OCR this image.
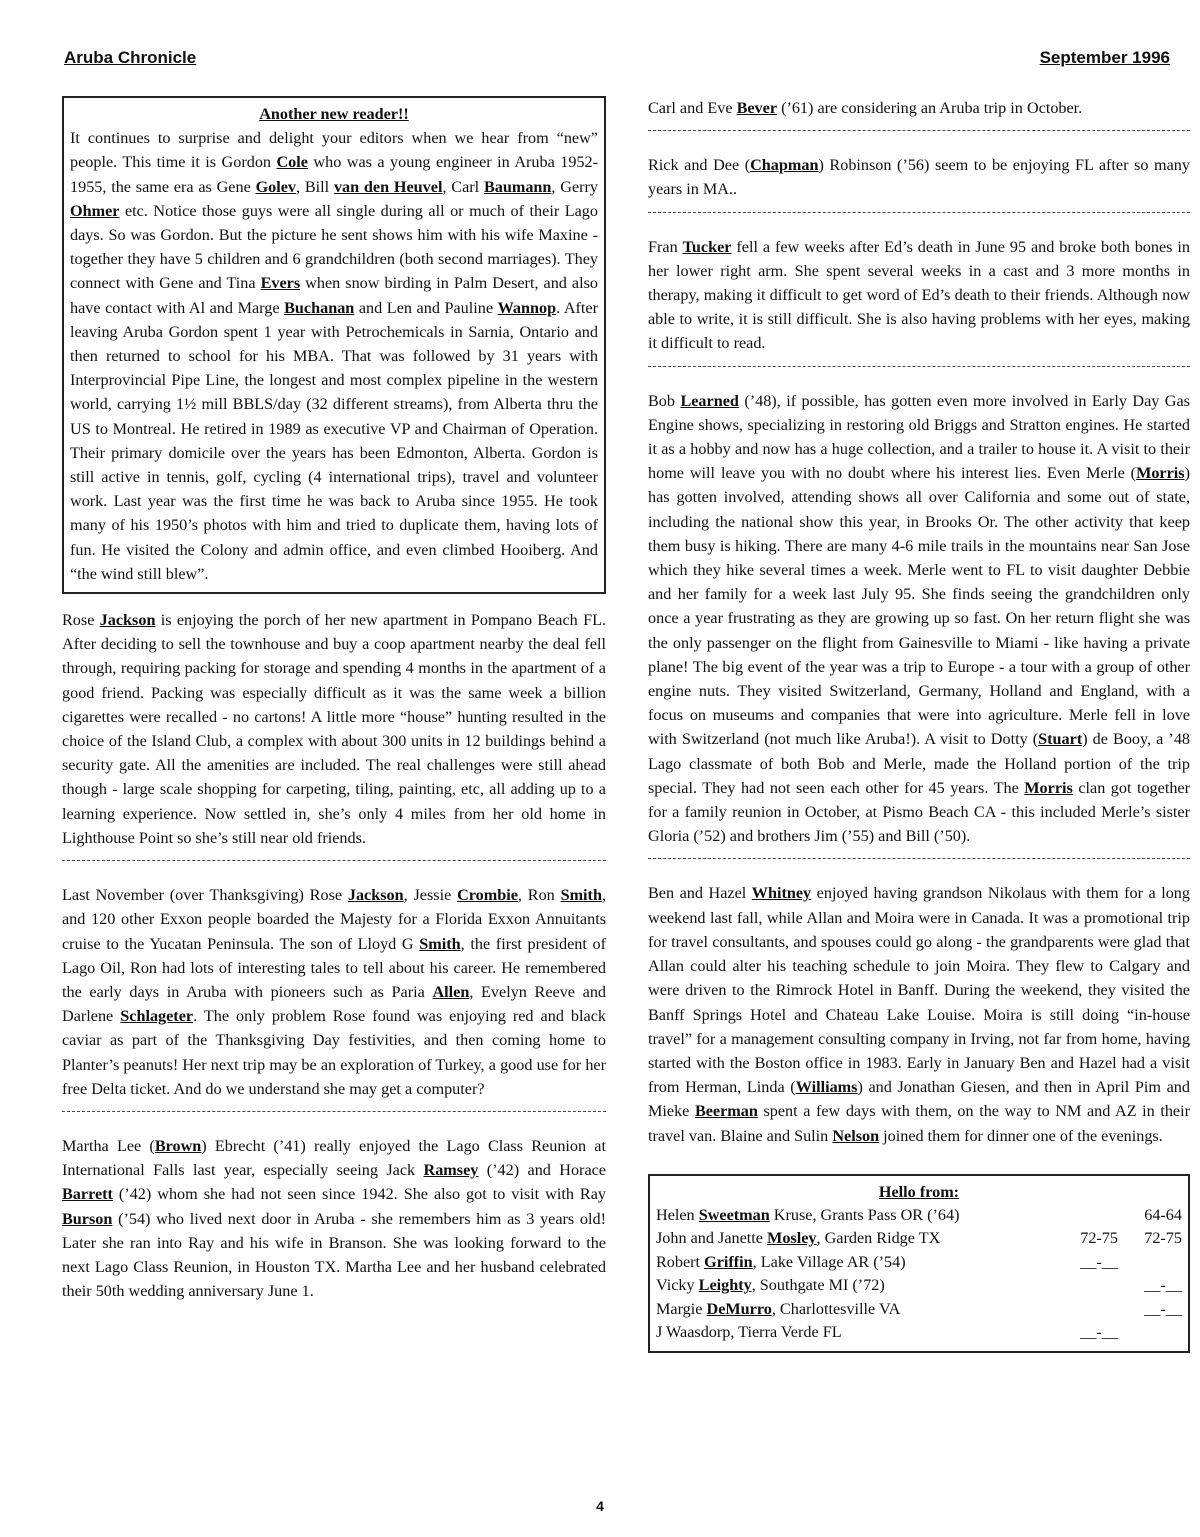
Aruba Chronicle	September 1996
Another new reader!!

It continues to surprise and delight your editors when we hear from “new” people. This time it is Gordon Cole who was a young engineer in Aruba 1952-1955, the same era as Gene Golev, Bill van den Heuvel, Carl Baumann, Gerry Ohmer etc. Notice those guys were all single during all or much of their Lago days. So was Gordon. But the picture he sent shows him with his wife Maxine - together they have 5 children and 6 grandchildren (both second marriages). They connect with Gene and Tina Evers when snow birding in Palm Desert, and also have contact with Al and Marge Buchanan and Len and Pauline Wannop. After leaving Aruba Gordon spent 1 year with Petrochemicals in Sarnia, Ontario and then returned to school for his MBA. That was followed by 31 years with Interprovincial Pipe Line, the longest and most complex pipeline in the western world, carrying 1½ mill BBLS/day (32 different streams), from Alberta thru the US to Montreal. He retired in 1989 as executive VP and Chairman of Operation. Their primary domicile over the years has been Edmonton, Alberta. Gordon is still active in tennis, golf, cycling (4 international trips), travel and volunteer work. Last year was the first time he was back to Aruba since 1955. He took many of his 1950’s photos with him and tried to duplicate them, having lots of fun. He visited the Colony and admin office, and even climbed Hooiberg. And “the wind still blew”.

Rose Jackson is enjoying the porch of her new apartment in Pompano Beach FL. After deciding to sell the townhouse and buy a coop apartment nearby the deal fell through, requiring packing for storage and spending 4 months in the apartment of a good friend. Packing was especially difficult as it was the same week a billion cigarettes were recalled - no cartons! A little more “house” hunting resulted in the choice of the Island Club, a complex with about 300 units in 12 buildings behind a security gate. All the amenities are included. The real challenges were still ahead though - large scale shopping for carpeting, tiling, painting, etc, all adding up to a learning experience. Now settled in, she’s only 4 miles from her old home in Lighthouse Point so she’s still near old friends.

Last November (over Thanksgiving) Rose Jackson, Jessie Crombie, Ron Smith, and 120 other Exxon people boarded the Majesty for a Florida Exxon Annuitants cruise to the Yucatan Peninsula. The son of Lloyd G Smith, the first president of Lago Oil, Ron had lots of interesting tales to tell about his career. He remembered the early days in Aruba with pioneers such as Paria Allen, Evelyn Reeve and Darlene Schlageter. The only problem Rose found was enjoying red and black caviar as part of the Thanksgiving Day festivities, and then coming home to Planter’s peanuts! Her next trip may be an exploration of Turkey, a good use for her free Delta ticket. And do we understand she may get a computer?

Martha Lee (Brown) Ebrecht (’41) really enjoyed the Lago Class Reunion at International Falls last year, especially seeing Jack Ramsey (’42) and Horace Barrett (’42) whom she had not seen since 1942. She also got to visit with Ray Burson (’54) who lived next door in Aruba - she remembers him as 3 years old! Later she ran into Ray and his wife in Branson. She was looking forward to the next Lago Class Reunion, in Houston TX. Martha Lee and her husband celebrated their 50th wedding anniversary June 1.

Carl and Eve Bever (’61) are considering an Aruba trip in October.

Rick and Dee (Chapman) Robinson (’56) seem to be enjoying FL after so many years in MA..

Fran Tucker fell a few weeks after Ed’s death in June 95 and broke both bones in her lower right arm. She spent several weeks in a cast and 3 more months in therapy, making it difficult to get word of Ed’s death to their friends. Although now able to write, it is still difficult. She is also having problems with her eyes, making it difficult to read.

Bob Learned (’48), if possible, has gotten even more involved in Early Day Gas Engine shows, specializing in restoring old Briggs and Stratton engines. He started it as a hobby and now has a huge collection, and a trailer to house it. A visit to their home will leave you with no doubt where his interest lies. Even Merle (Morris) has gotten involved, attending shows all over California and some out of state, including the national show this year, in Brooks Or. The other activity that keep them busy is hiking. There are many 4-6 mile trails in the mountains near San Jose which they hike several times a week. Merle went to FL to visit daughter Debbie and her family for a week last July 95. She finds seeing the grandchildren only once a year frustrating as they are growing up so fast. On her return flight she was the only passenger on the flight from Gainesville to Miami - like having a private plane! The big event of the year was a trip to Europe - a tour with a group of other engine nuts. They visited Switzerland, Germany, Holland and England, with a focus on museums and companies that were into agriculture. Merle fell in love with Switzerland (not much like Aruba!). A visit to Dotty (Stuart) de Booy, a ’48 Lago classmate of both Bob and Merle, made the Holland portion of the trip special. They had not seen each other for 45 years. The Morris clan got together for a family reunion in October, at Pismo Beach CA - this included Merle’s sister Gloria (’52) and brothers Jim (’55) and Bill (’50).

Ben and Hazel Whitney enjoyed having grandson Nikolaus with them for a long weekend last fall, while Allan and Moira were in Canada. It was a promotional trip for travel consultants, and spouses could go along - the grandparents were glad that Allan could alter his teaching schedule to join Moira. They flew to Calgary and were driven to the Rimrock Hotel in Banff. During the weekend, they visited the Banff Springs Hotel and Chateau Lake Louise. Moira is still doing “in-house travel” for a management consulting company in Irving, not far from home, having started with the Boston office in 1983. Early in January Ben and Hazel had a visit from Herman, Linda (Williams) and Jonathan Giesen, and then in April Pim and Mieke Beerman spent a few days with them, on the way to NM and AZ in their travel van. Blaine and Sulin Nelson joined them for dinner one of the evenings.

Hello from:
Helen Sweetman Kruse, Grants Pass OR (’64)		64-64
John and Janette Mosley, Garden Ridge TX	72-75	72-75
Robert Griffin, Lake Village AR (’54)	__-__	
Vicky Leighty, Southgate MI (’72)		__-__
Margie DeMurro, Charlottesville VA		__-__
J Waasdorp, Tierra Verde FL	__-__	
4
